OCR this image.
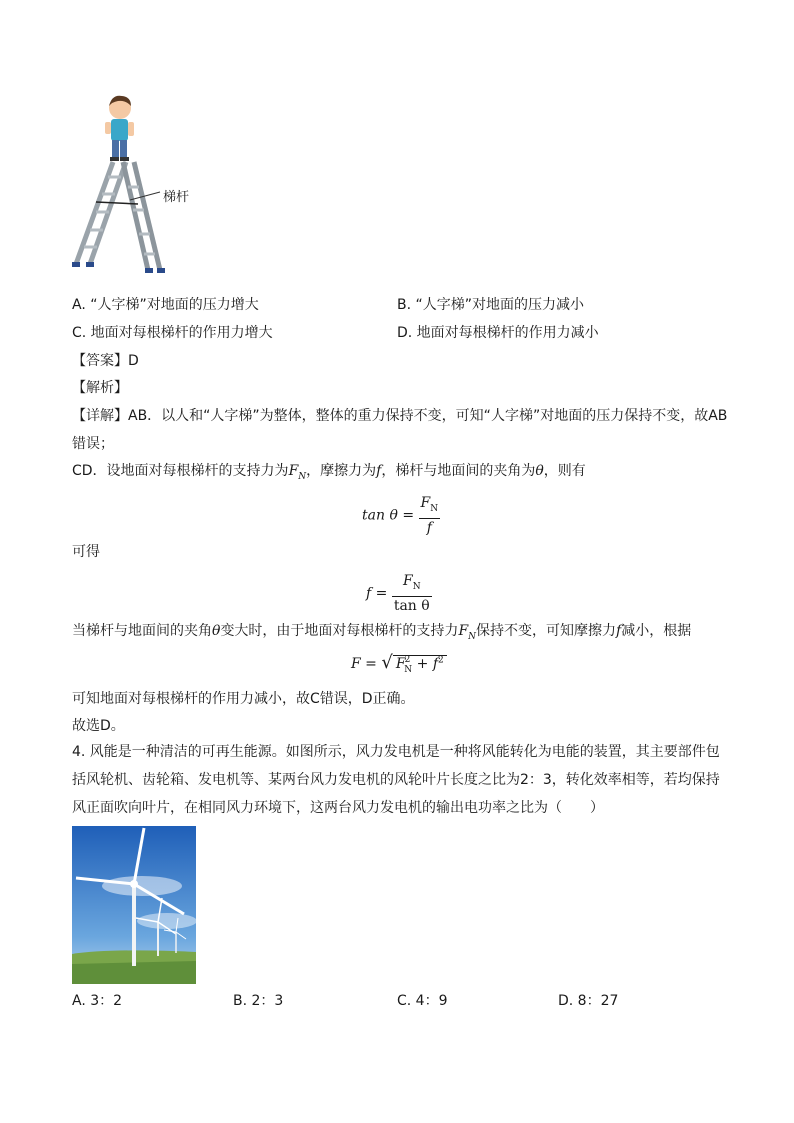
梯杆
A. “人字梯”对地面的压力增大	B. “人字梯”对地面的压力减小
C. 地面对每根梯杆的作用力增大	D. 地面对每根梯杆的作用力减小
【答案】D
【解析】
【详解】AB．以人和“人字梯”为整体，整体的重力保持不变，可知“人字梯”对地面的压力保持不变，故AB错误；
CD．设地面对每根梯杆的支持力为$F_N$，摩擦力为f，梯杆与地面间的夹角为θ，则有
$\tan \theta = \frac{F_N}{f}$
可得
$f = \frac{F_N}{\text{tan θ}}$
当梯杆与地面间的夹角θ变大时，由于地面对每根梯杆的支持力$F_N$保持不变，可知摩擦力f减小，根据
F = √ $F^2_N + f^2$
可知地面对每根梯杆的作用力减小，故C错误，D正确。
故选D。
4. 风能是一种清洁的可再生能源。如图所示，风力发电机是一种将风能转化为电能的装置，其主要部件包括风轮机、齿轮箱、发电机等、某两台风力发电机的风轮叶片长度之比为2：3，转化效率相等，若均保持风正面吹向叶片，在相同风力环境下，这两台风力发电机的输出电功率之比为（　　）
A. 3：2	B. 2：3	C. 4：9	D. 8：27
